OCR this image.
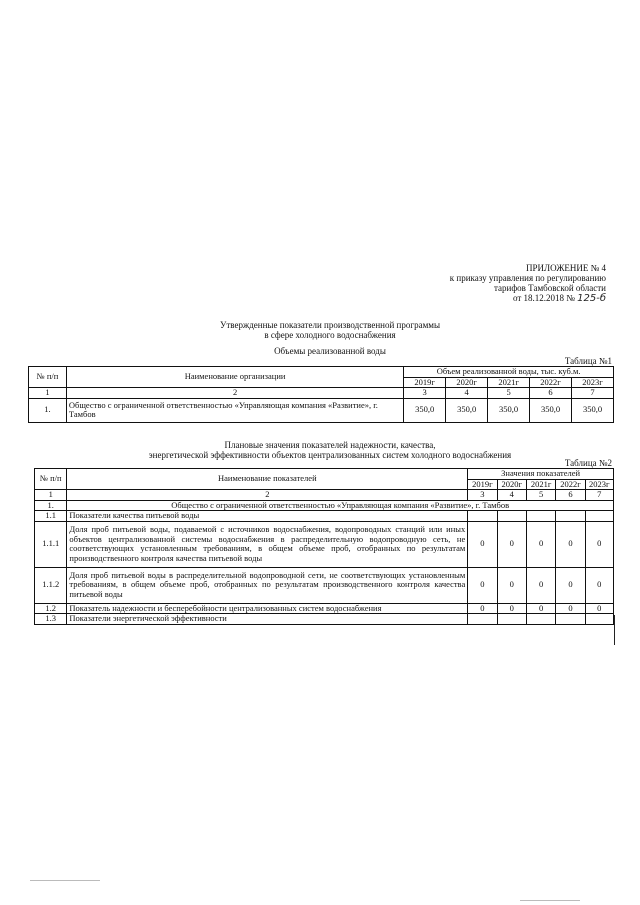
ПРИЛОЖЕНИЕ № 4
к приказу управления по регулированию
тарифов Тамбовской области
от 18.12.2018 № 125-б
Утвержденные показатели производственной программы
в сфере холодного водоснабжения
Объемы реализованной воды
Таблица №1
№ п/п	Наименование организации	Объем реализованной воды, тыс. куб.м.				
		2019г	2020г	2021г	2022г	2023г
1	2	3	4	5	6	7
1.	Общество с ограниченной ответственностью «Управляющая компания «Развитие», г. Тамбов	350,0	350,0	350,0	350,0	350,0
Плановые значения показателей надежности, качества,
энергетической эффективности объектов централизованных систем холодного водоснабжения
Таблица №2
№ п/п	Наименование показателей	Значения показателей				
		2019г	2020г	2021г	2022г	2023г
1	2	3	4	5	6	7
1.	Общество с ограниченной ответственностью «Управляющая компания «Развитие», г. Тамбов					
1.1	Показатели качества питьевой воды					
1.1.1	Доля проб питьевой воды, подаваемой с источников водоснабжения, водопроводных станций или иных объектов централизованной системы водоснабжения в распределительную водопроводную сеть, не соответствующих установленным требованиям, в общем объеме проб, отобранных по результатам производственного контроля качества питьевой воды	0	0	0	0	0
1.1.2	Доля проб питьевой воды в распределительной водопроводной сети, не соответствующих установленным требованиям, в общем объеме проб, отобранных по результатам производственного контроля качества питьевой воды	0	0	0	0	0
1.2	Показатель надежности и бесперебойности централизованных систем водоснабжения	0	0	0	0	0
1.3	Показатели энергетической эффективности					
